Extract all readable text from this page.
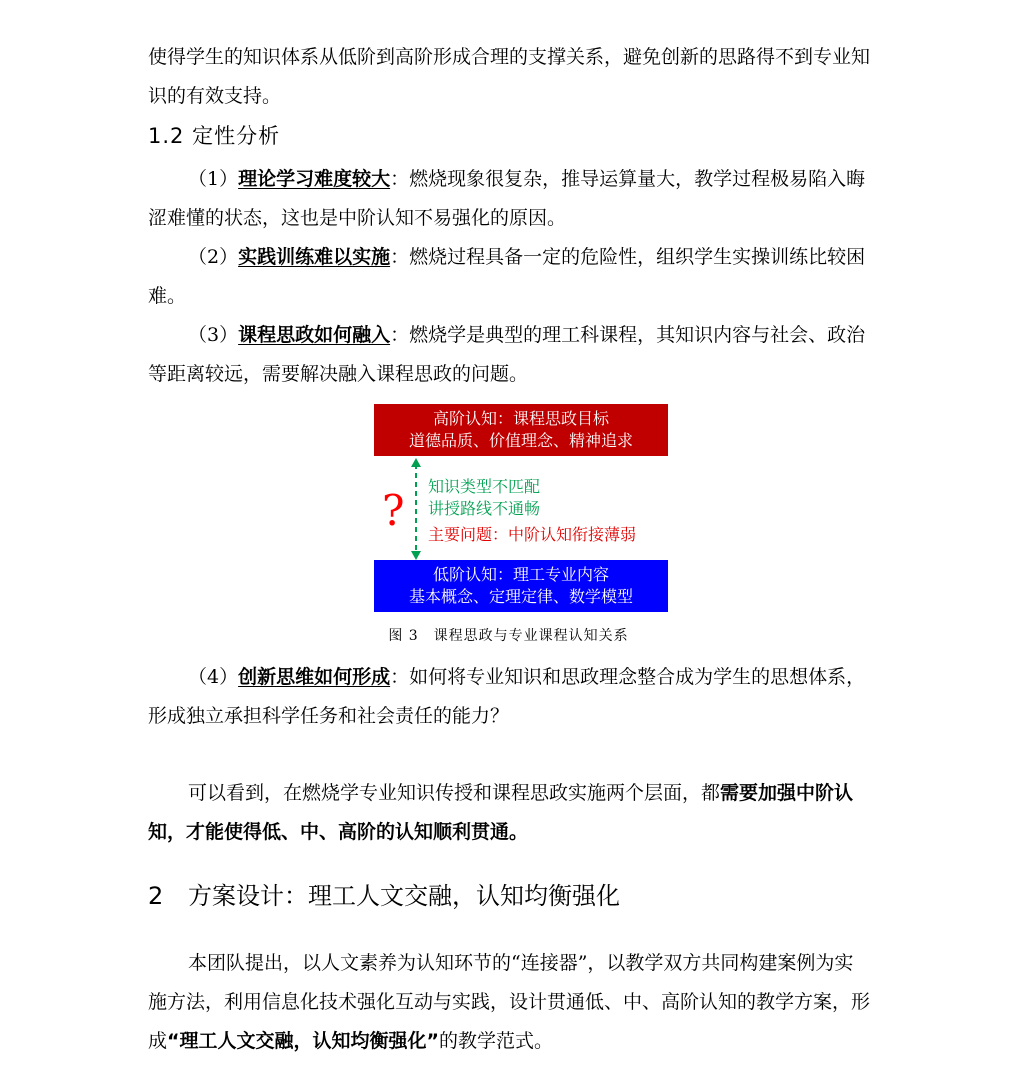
使得学生的知识体系从低阶到高阶形成合理的支撑关系，避免创新的思路得不到专业知识的有效支持。

1.2 定性分析

（1）理论学习难度较大：燃烧现象很复杂，推导运算量大，教学过程极易陷入晦涩难懂的状态，这也是中阶认知不易强化的原因。

（2）实践训练难以实施：燃烧过程具备一定的危险性，组织学生实操训练比较困难。

（3）课程思政如何融入：燃烧学是典型的理工科课程，其知识内容与社会、政治等距离较远，需要解决融入课程思政的问题。

高阶认知：课程思政目标
道德品质、价值理念、精神追求
? 知识类型不匹配
讲授路线不通畅
主要问题：中阶认知衔接薄弱
低阶认知：理工专业内容
基本概念、定理定律、数学模型
图 3　课程思政与专业课程认知关系

（4）创新思维如何形成：如何将专业知识和思政理念整合成为学生的思想体系，形成独立承担科学任务和社会责任的能力？

可以看到，在燃烧学专业知识传授和课程思政实施两个层面，都需要加强中阶认知，才能使得低、中、高阶的认知顺利贯通。

2 方案设计：理工人文交融，认知均衡强化

本团队提出，以人文素养为认知环节的“连接器”，以教学双方共同构建案例为实施方法，利用信息化技术强化互动与实践，设计贯通低、中、高阶认知的教学方案，形成“理工人文交融，认知均衡强化”的教学范式。
